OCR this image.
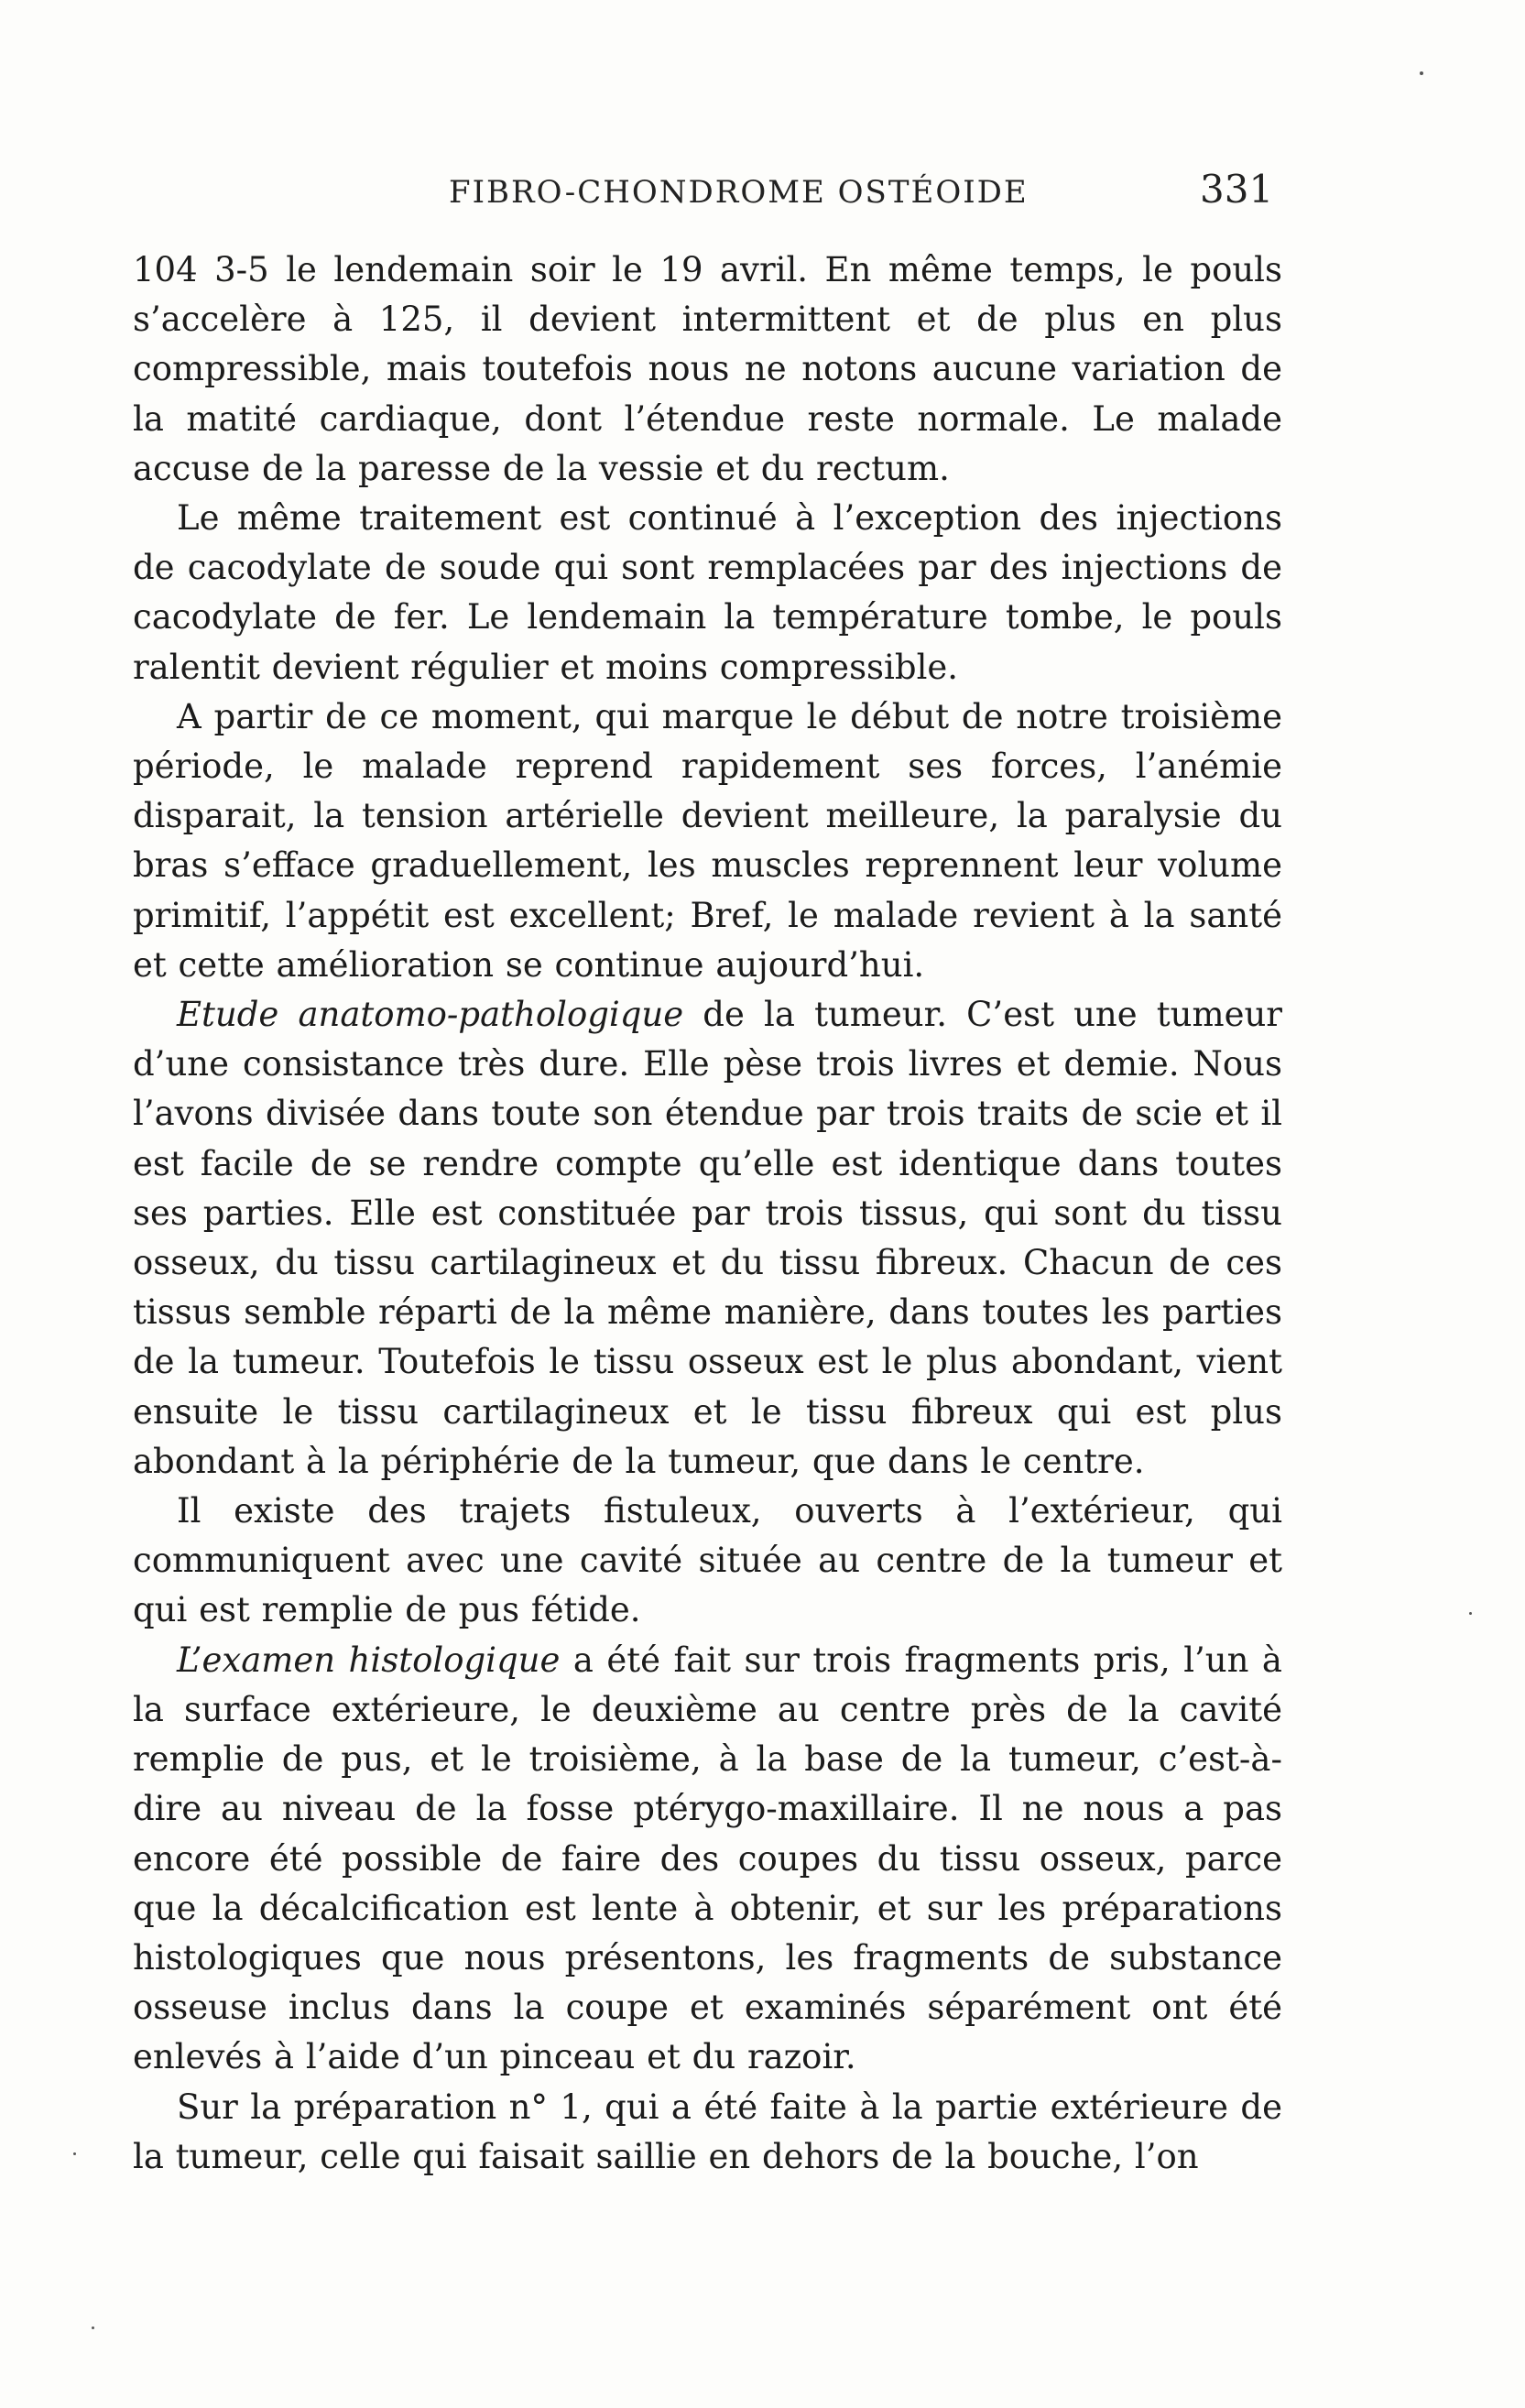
FIBRO-CHONDROME OSTÉOIDE	331

104 3-5 le lendemain soir le 19 avril. En même temps, le pouls s’accelère à 125, il devient intermittent et de plus en plus compressible, mais toutefois nous ne notons aucune variation de la matité cardiaque, dont l’étendue reste normale. Le malade accuse de la paresse de la vessie et du rectum.

Le même traitement est continué à l’exception des injections de cacodylate de soude qui sont remplacées par des injections de cacodylate de fer. Le lendemain la température tombe, le pouls ralentit devient régulier et moins compressible.

A partir de ce moment, qui marque le début de notre troisième période, le malade reprend rapidement ses forces, l’anémie disparait, la tension artérielle devient meilleure, la paralysie du bras s’efface graduellement, les muscles reprennent leur volume primitif, l’appétit est excellent; Bref, le malade revient à la santé et cette amélioration se continue aujourd’hui.

Etude anatomo-pathologique de la tumeur. C’est une tumeur d’une consistance très dure. Elle pèse trois livres et demie. Nous l’avons divisée dans toute son étendue par trois traits de scie et il est facile de se rendre compte qu’elle est identique dans toutes ses parties. Elle est constituée par trois tissus, qui sont du tissu osseux, du tissu cartilagineux et du tissu fibreux. Chacun de ces tissus semble réparti de la même manière, dans toutes les parties de la tumeur. Toutefois le tissu osseux est le plus abondant, vient ensuite le tissu cartilagineux et le tissu fibreux qui est plus abondant à la périphérie de la tumeur, que dans le centre.

Il existe des trajets fistuleux, ouverts à l’extérieur, qui communiquent avec une cavité située au centre de la tumeur et qui est remplie de pus fétide.

L’examen histologique a été fait sur trois fragments pris, l’un à la surface extérieure, le deuxième au centre près de la cavité remplie de pus, et le troisième, à la base de la tumeur, c’est-à-dire au niveau de la fosse ptérygo-maxillaire. Il ne nous a pas encore été possible de faire des coupes du tissu osseux, parce que la décalcification est lente à obtenir, et sur les préparations histologiques que nous présentons, les fragments de substance osseuse inclus dans la coupe et examinés séparément ont été enlevés à l’aide d’un pinceau et du razoir.

Sur la préparation n° 1, qui a été faite à la partie extérieure de la tumeur, celle qui faisait saillie en dehors de la bouche, l’on
